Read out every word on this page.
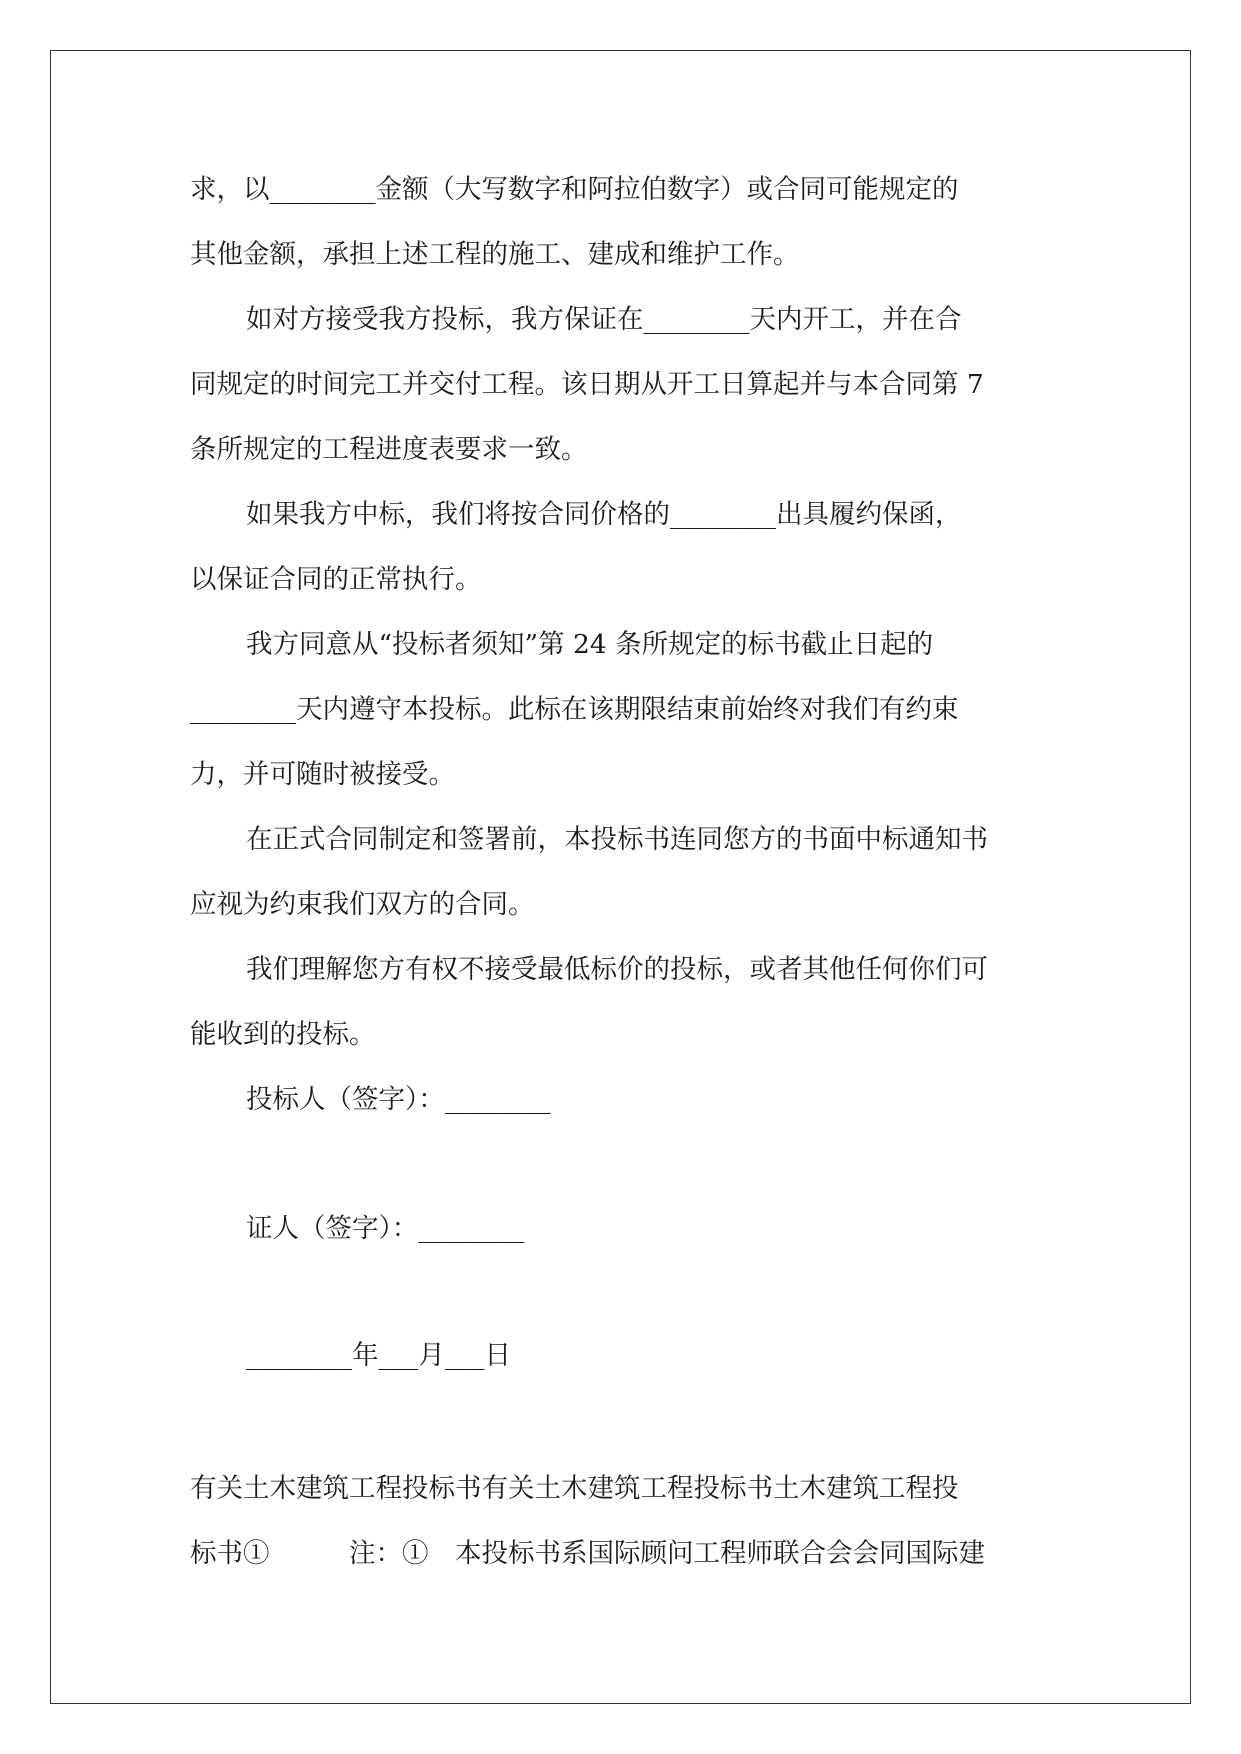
求，以________金额（大写数字和阿拉伯数字）或合同可能规定的
其他金额，承担上述工程的施工、建成和维护工作。
如对方接受我方投标，我方保证在________天内开工，并在合
同规定的时间完工并交付工程。该日期从开工日算起并与本合同第 7
条所规定的工程进度表要求一致。
如果我方中标，我们将按合同价格的________出具履约保函，
以保证合同的正常执行。
我方同意从“投标者须知”第 24 条所规定的标书截止日起的
________天内遵守本投标。此标在该期限结束前始终对我们有约束
力，并可随时被接受。
在正式合同制定和签署前，本投标书连同您方的书面中标通知书
应视为约束我们双方的合同。
我们理解您方有权不接受最低标价的投标，或者其他任何你们可
能收到的投标。
投标人（签字）：________
证人（签字）：________
________年___月___日
有关土木建筑工程投标书有关土木建筑工程投标书土木建筑工程投
标书①　　　注：①　本投标书系国际顾问工程师联合会会同国际建
